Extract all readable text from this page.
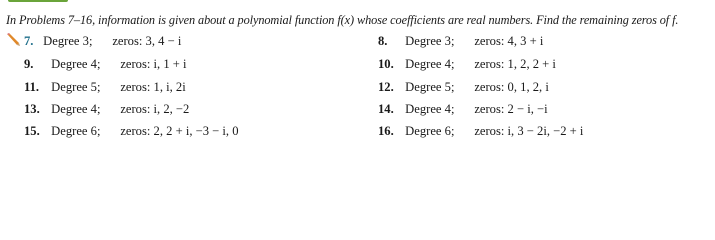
In Problems 7–16, information is given about a polynomial function f(x) whose coefficients are real numbers. Find the remaining zeros of f.
7. Degree 3; zeros: 3, 4 − i	8. Degree 3; zeros: 4, 3 + i
9. Degree 4; zeros: i, 1 + i	10. Degree 4; zeros: 1, 2, 2 + i
11. Degree 5; zeros: 1, i, 2i	12. Degree 5; zeros: 0, 1, 2, i
13. Degree 4; zeros: i, 2, −2	14. Degree 4; zeros: 2 − i, −i
15. Degree 6; zeros: 2, 2 + i, −3 − i, 0	16. Degree 6; zeros: i, 3 − 2i, −2 + i
